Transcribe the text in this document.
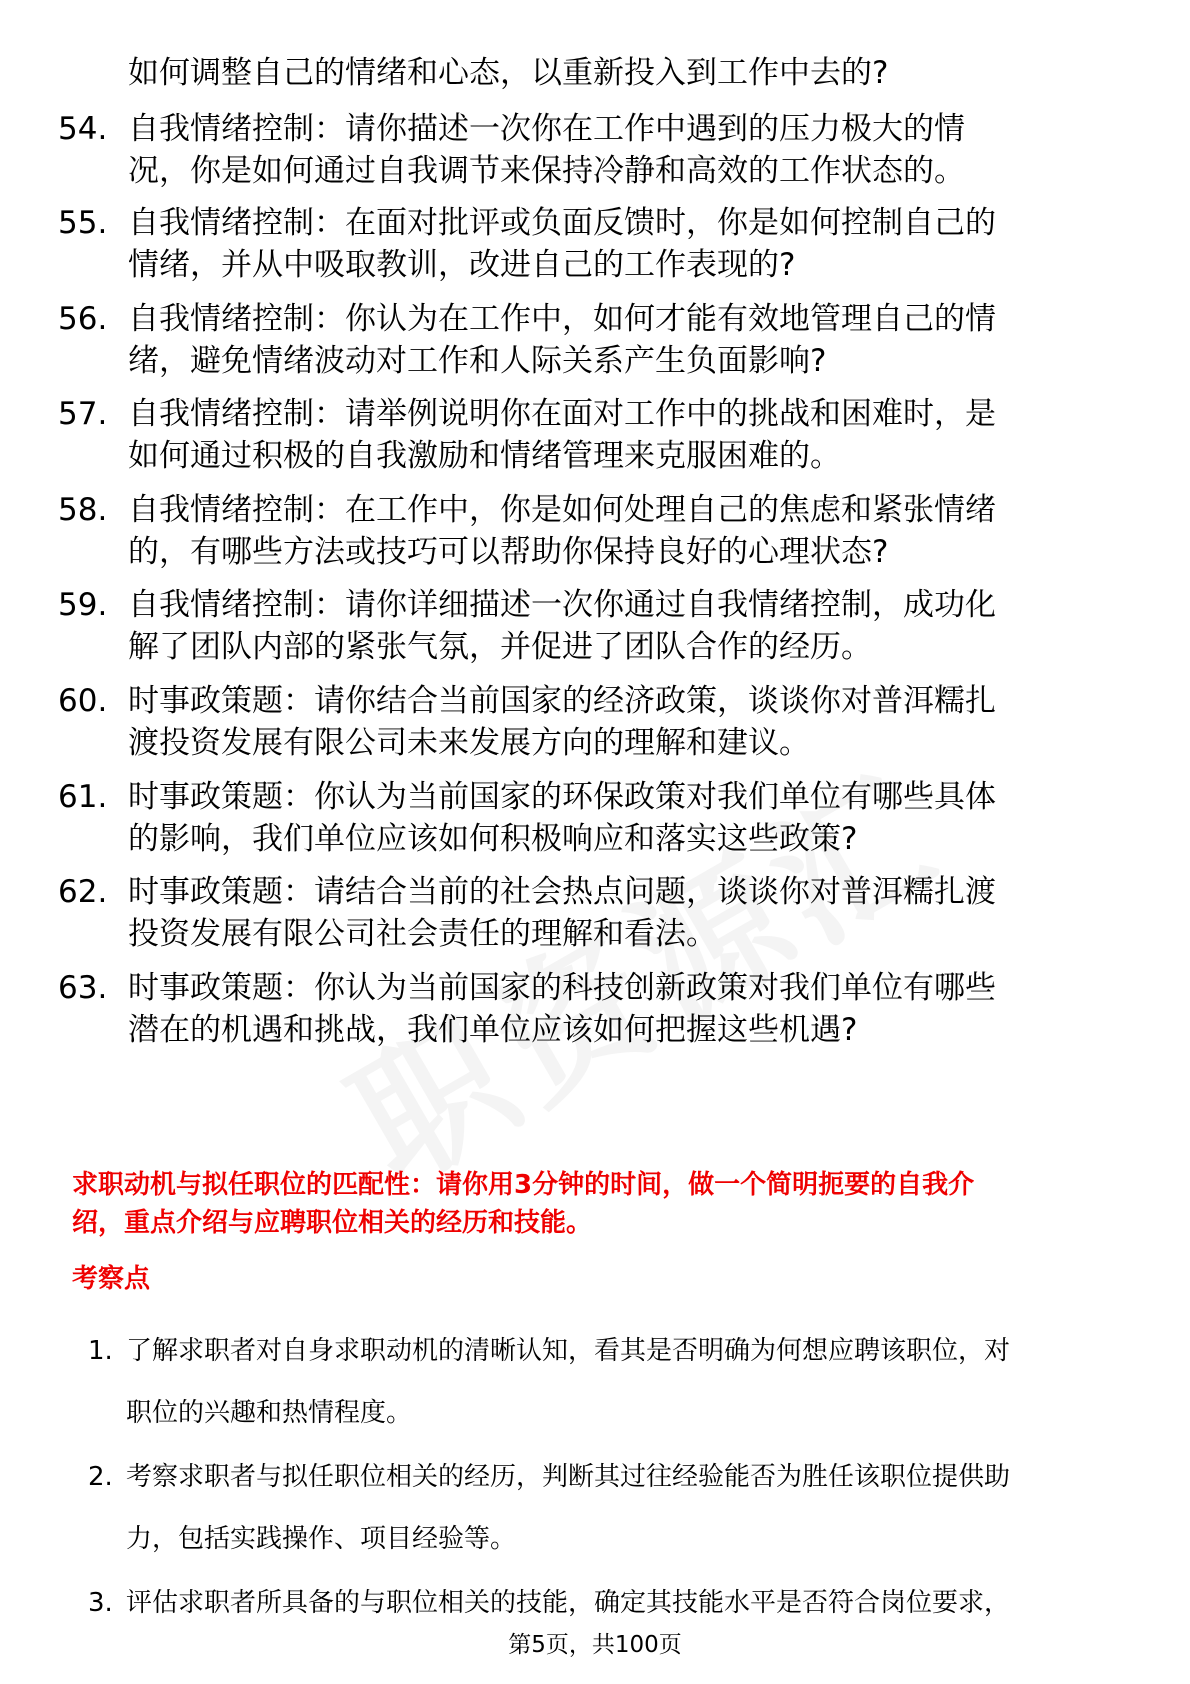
如何调整自己的情绪和心态，以重新投入到工作中去的?
54. 自我情绪控制：请你描述一次你在工作中遇到的压力极大的情
况，你是如何通过自我调节来保持冷静和高效的工作状态的。
55. 自我情绪控制：在面对批评或负面反馈时，你是如何控制自己的
情绪，并从中吸取教训，改进自己的工作表现的?
56. 自我情绪控制：你认为在工作中，如何才能有效地管理自己的情
绪，避免情绪波动对工作和人际关系产生负面影响?
57. 自我情绪控制：请举例说明你在面对工作中的挑战和困难时，是
如何通过积极的自我激励和情绪管理来克服困难的。
58. 自我情绪控制：在工作中，你是如何处理自己的焦虑和紧张情绪
的，有哪些方法或技巧可以帮助你保持良好的心理状态?
59. 自我情绪控制：请你详细描述一次你通过自我情绪控制，成功化
解了团队内部的紧张气氛，并促进了团队合作的经历。
60. 时事政策题：请你结合当前国家的经济政策，谈谈你对普洱糯扎
渡投资发展有限公司未来发展方向的理解和建议。
61. 时事政策题：你认为当前国家的环保政策对我们单位有哪些具体
的影响，我们单位应该如何积极响应和落实这些政策?
62. 时事政策题：请结合当前的社会热点问题，谈谈你对普洱糯扎渡
投资发展有限公司社会责任的理解和看法。
63. 时事政策题：你认为当前国家的科技创新政策对我们单位有哪些
潜在的机遇和挑战，我们单位应该如何把握这些机遇?
求职动机与拟任职位的匹配性：请你用3分钟的时间，做一个简明扼要的自我介
绍，重点介绍与应聘职位相关的经历和技能。
考察点
1. 了解求职者对自身求职动机的清晰认知，看其是否明确为何想应聘该职位，对
职位的兴趣和热情程度。
2. 考察求职者与拟任职位相关的经历，判断其过往经验能否为胜任该职位提供助
力，包括实践操作、项目经验等。
3. 评估求职者所具备的与职位相关的技能，确定其技能水平是否符合岗位要求，
第5页，共100页
